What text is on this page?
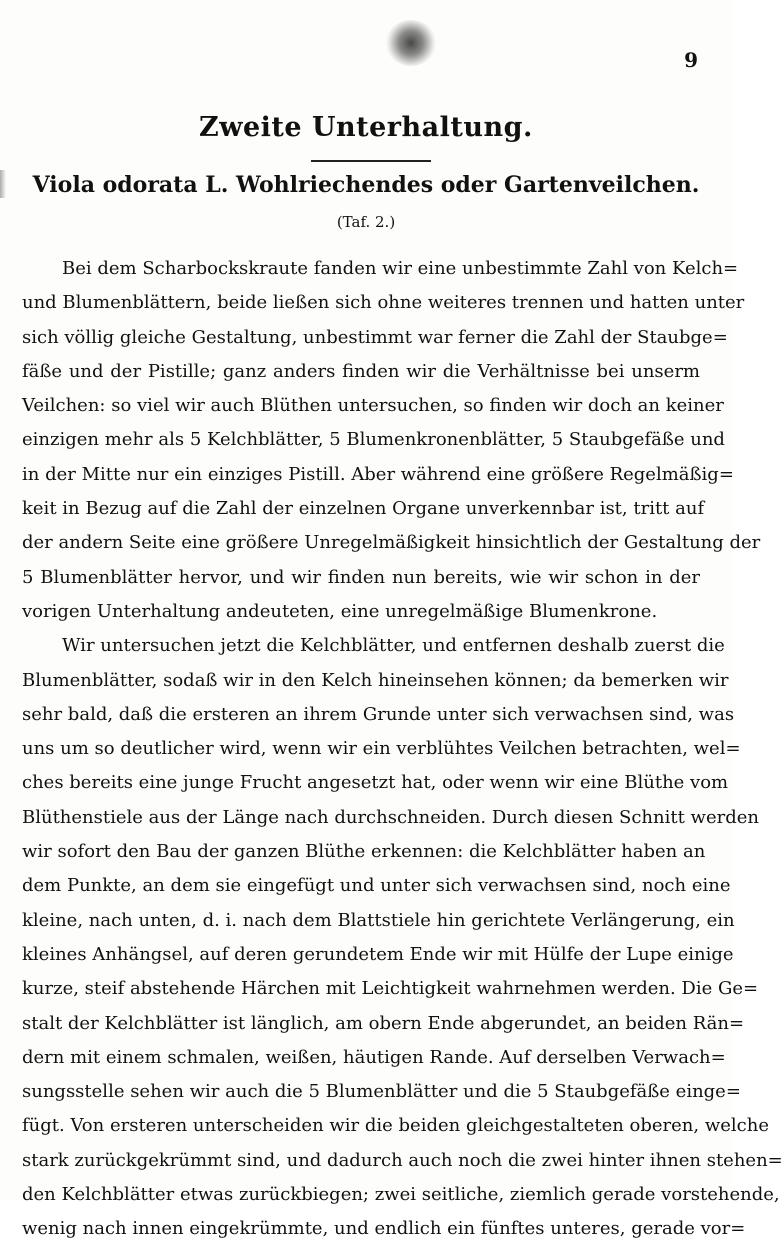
9
Zweite Unterhaltung.
Viola odorata L. Wohlriechendes oder Gartenveilchen.
(Taf. 2.)
Bei dem Scharbockskraute fanden wir eine unbestimmte Zahl von Kelch=
und Blumenblättern, beide ließen sich ohne weiteres trennen und hatten unter
sich völlig gleiche Gestaltung, unbestimmt war ferner die Zahl der Staubge=
fäße und der Pistille; ganz anders finden wir die Verhältnisse bei unserm
Veilchen: so viel wir auch Blüthen untersuchen, so finden wir doch an keiner
einzigen mehr als 5 Kelchblätter, 5 Blumenkronenblätter, 5 Staubgefäße und
in der Mitte nur ein einziges Pistill. Aber während eine größere Regelmäßig=
keit in Bezug auf die Zahl der einzelnen Organe unverkennbar ist, tritt auf
der andern Seite eine größere Unregelmäßigkeit hinsichtlich der Gestaltung der
5 Blumenblätter hervor, und wir finden nun bereits, wie wir schon in der
vorigen Unterhaltung andeuteten, eine unregelmäßige Blumenkrone.
Wir untersuchen jetzt die Kelchblätter, und entfernen deshalb zuerst die
Blumenblätter, sodaß wir in den Kelch hineinsehen können; da bemerken wir
sehr bald, daß die ersteren an ihrem Grunde unter sich verwachsen sind, was
uns um so deutlicher wird, wenn wir ein verblühtes Veilchen betrachten, wel=
ches bereits eine junge Frucht angesetzt hat, oder wenn wir eine Blüthe vom
Blüthenstiele aus der Länge nach durchschneiden. Durch diesen Schnitt werden
wir sofort den Bau der ganzen Blüthe erkennen: die Kelchblätter haben an
dem Punkte, an dem sie eingefügt und unter sich verwachsen sind, noch eine
kleine, nach unten, d. i. nach dem Blattstiele hin gerichtete Verlängerung, ein
kleines Anhängsel, auf deren gerundetem Ende wir mit Hülfe der Lupe einige
kurze, steif abstehende Härchen mit Leichtigkeit wahrnehmen werden. Die Ge=
stalt der Kelchblätter ist länglich, am obern Ende abgerundet, an beiden Rän=
dern mit einem schmalen, weißen, häutigen Rande. Auf derselben Verwach=
sungsstelle sehen wir auch die 5 Blumenblätter und die 5 Staubgefäße einge=
fügt. Von ersteren unterscheiden wir die beiden gleichgestalteten oberen, welche
stark zurückgekrümmt sind, und dadurch auch noch die zwei hinter ihnen stehen=
den Kelchblätter etwas zurückbiegen; zwei seitliche, ziemlich gerade vorstehende,
wenig nach innen eingekrümmte, und endlich ein fünftes unteres, gerade vor=
